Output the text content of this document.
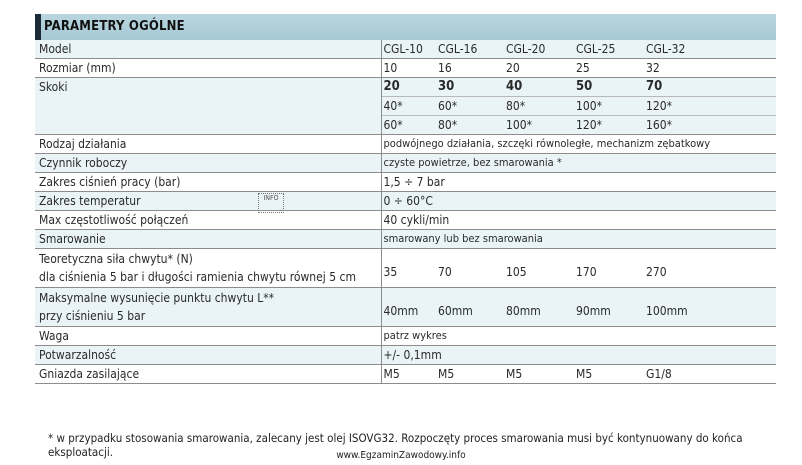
PARAMETRY OGÓLNE
Model	CGL-10	CGL-16	CGL-20	CGL-25	CGL-32
Rozmiar (mm)	10	16	20	25	32
Skoki	20	30	40	50	70
	40*	60*	80*	100*	120*
	60*	80*	100*	120*	160*
Rodzaj działania	podwójnego działania, szczęki równoległe, mechanizm zębatkowy				
Czynnik roboczy	czyste powietrze, bez smarowania *				
Zakres ciśnień pracy (bar)	1,5 ÷ 7 bar				
Zakres temperatur	0 ÷ 60°C				
Max częstotliwość połączeń	40 cykli/min				
Smarowanie	smarowany lub bez smarowania				

Teoretyczna siła chwytu* (N)
dla ciśnienia 5 bar i długości ramienia chwytu równej 5 cm	35	70	105	170	270

Maksymalne wysunięcie punktu chwytu L**
przy ciśnieniu 5 bar	40mm	60mm	80mm	90mm	100mm
Waga	patrz wykres				
Potwarzalność	+/- 0,1mm				
Gniazda zasilające	M5	M5	M5	M5	G1/8
INFO
* w przypadku stosowania smarowania, zalecany jest olej ISOVG32. Rozpoczęty proces smarowania musi być kontynuowany do końca eksploatacji.	www.EgzaminZawodowy.info
